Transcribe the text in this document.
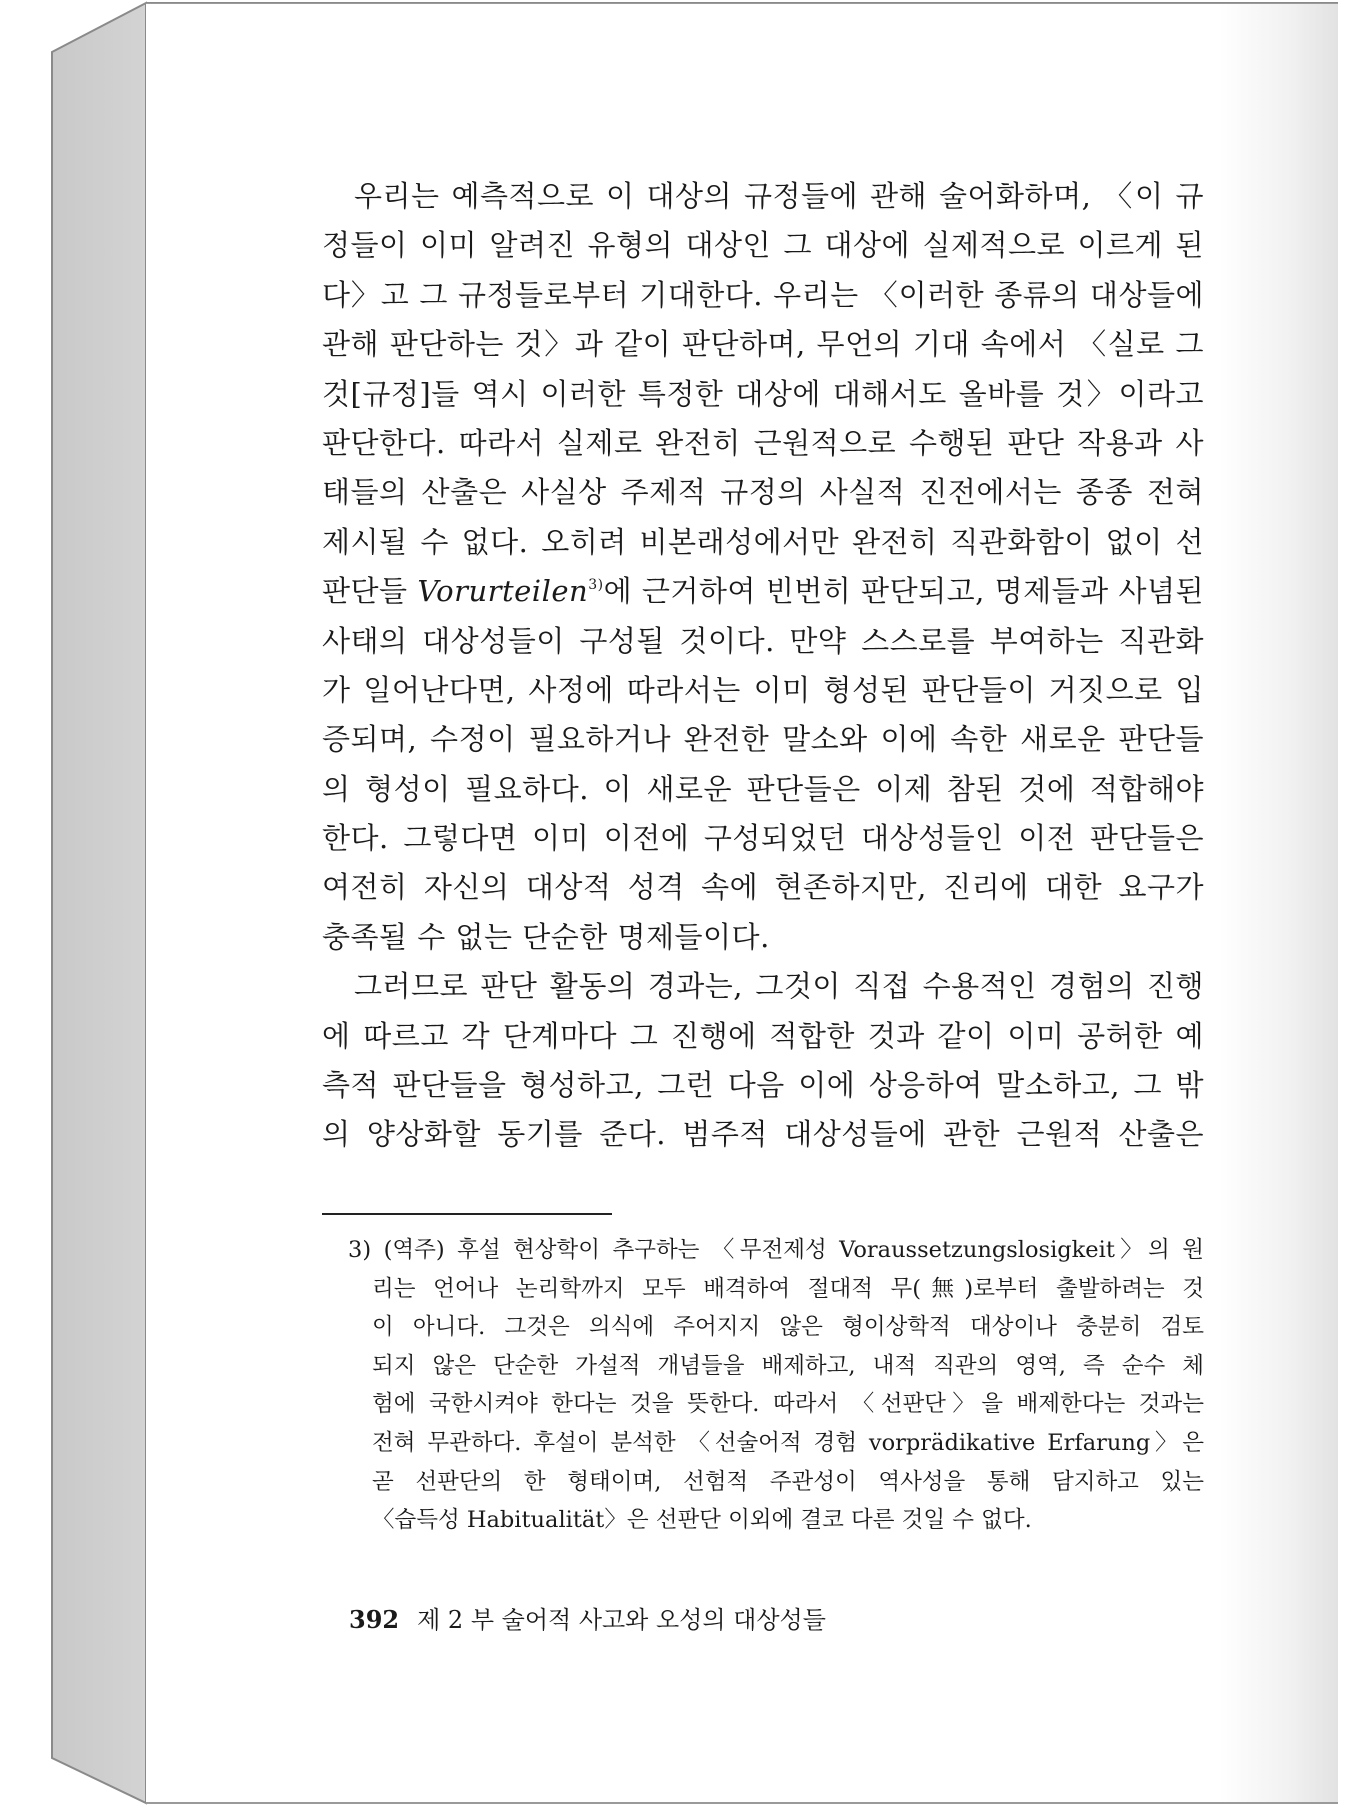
우리는 예측적으로 이 대상의 규정들에 관해 술어화하며, 〈이 규
정들이 이미 알려진 유형의 대상인 그 대상에 실제적으로 이르게 된
다〉고 그 규정들로부터 기대한다. 우리는 〈이러한 종류의 대상들에
관해 판단하는 것〉과 같이 판단하며, 무언의 기대 속에서 〈실로 그
것[규정]들 역시 이러한 특정한 대상에 대해서도 올바를 것〉이라고
판단한다. 따라서 실제로 완전히 근원적으로 수행된 판단 작용과 사
태들의 산출은 사실상 주제적 규정의 사실적 진전에서는 종종 전혀
제시될 수 없다. 오히려 비본래성에서만 완전히 직관화함이 없이 선
판단들 Vorurteilen$^{3)}$에 근거하여 빈번히 판단되고, 명제들과 사념된
사태의 대상성들이 구성될 것이다. 만약 스스로를 부여하는 직관화
가 일어난다면, 사정에 따라서는 이미 형성된 판단들이 거짓으로 입
증되며, 수정이 필요하거나 완전한 말소와 이에 속한 새로운 판단들
의 형성이 필요하다. 이 새로운 판단들은 이제 참된 것에 적합해야
한다. 그렇다면 이미 이전에 구성되었던 대상성들인 이전 판단들은
여전히 자신의 대상적 성격 속에 현존하지만, 진리에 대한 요구가
충족될 수 없는 단순한 명제들이다.
그러므로 판단 활동의 경과는, 그것이 직접 수용적인 경험의 진행
에 따르고 각 단계마다 그 진행에 적합한 것과 같이 이미 공허한 예
측적 판단들을 형성하고, 그런 다음 이에 상응하여 말소하고, 그 밖
의 양상화할 동기를 준다. 범주적 대상성들에 관한 근원적 산출은
3) (역주) 후설 현상학이 추구하는 〈무전제성 Voraussetzungslosigkeit〉의 원
리는 언어나 논리학까지 모두 배격하여 절대적 무(無)로부터 출발하려는 것
이 아니다. 그것은 의식에 주어지지 않은 형이상학적 대상이나 충분히 검토
되지 않은 단순한 가설적 개념들을 배제하고, 내적 직관의 영역, 즉 순수 체
험에 국한시켜야 한다는 것을 뜻한다. 따라서 〈선판단〉을 배제한다는 것과는
전혀 무관하다. 후설이 분석한 〈선술어적 경험 vorprädikative Erfarung〉은
곧 선판단의 한 형태이며, 선험적 주관성이 역사성을 통해 담지하고 있는
〈습득성 Habitualität〉은 선판단 이외에 결코 다른 것일 수 없다.
392 제 2 부 술어적 사고와 오성의 대상성들
